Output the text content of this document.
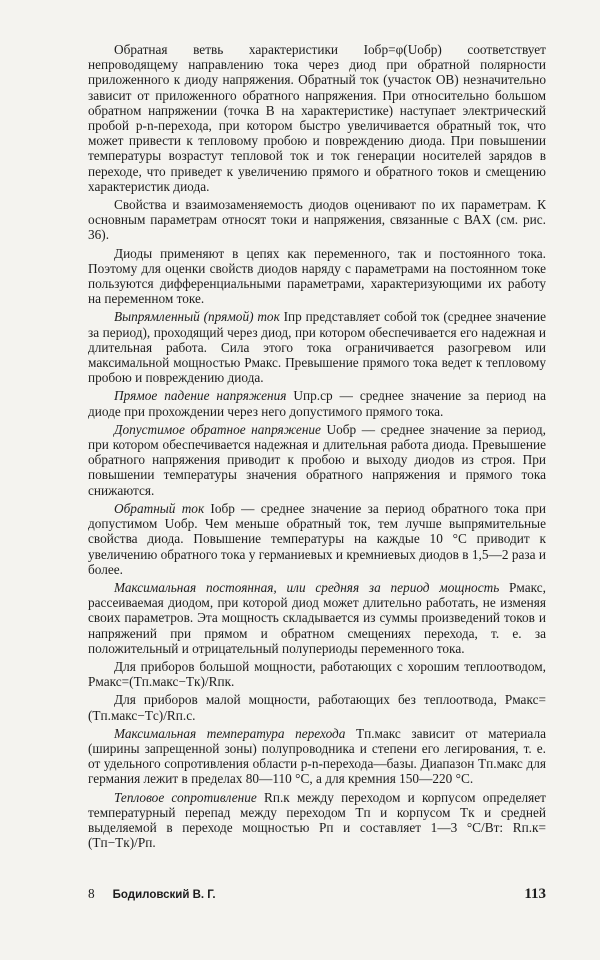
Обратная ветвь характеристики Iобр=φ(Uобр) соответствует непроводящему направлению тока через диод при обратной полярности приложенного к диоду напряжения. Обратный ток (участок OB) незначительно зависит от приложенного обратного напряжения. При относительно большом обратном напряжении (точка B на характеристике) наступает электрический пробой p-n-перехода, при котором быстро увеличивается обратный ток, что может привести к тепловому пробою и повреждению диода. При повышении температуры возрастут тепловой ток и ток генерации носителей зарядов в переходе, что приведет к увеличению прямого и обратного токов и смещению характеристик диода.

Свойства и взаимозаменяемость диодов оценивают по их параметрам. К основным параметрам относят токи и напряжения, связанные с ВАХ (см. рис. 36).

Диоды применяют в цепях как переменного, так и постоянного тока. Поэтому для оценки свойств диодов наряду с параметрами на постоянном токе пользуются дифференциальными параметрами, характеризующими их работу на переменном токе.

Выпрямленный (прямой) ток Iпр представляет собой ток (среднее значение за период), проходящий через диод, при котором обеспечивается его надежная и длительная работа. Сила этого тока ограничивается разогревом или максимальной мощностью Pмакс. Превышение прямого тока ведет к тепловому пробою и повреждению диода.

Прямое падение напряжения Uпр.ср — среднее значение за период на диоде при прохождении через него допустимого прямого тока.

Допустимое обратное напряжение Uобр — среднее значение за период, при котором обеспечивается надежная и длительная работа диода. Превышение обратного напряжения приводит к пробою и выходу диодов из строя. При повышении температуры значения обратного напряжения и прямого тока снижаются.

Обратный ток Iобр — среднее значение за период обратного тока при допустимом Uобр. Чем меньше обратный ток, тем лучше выпрямительные свойства диода. Повышение температуры на каждые 10 °С приводит к увеличению обратного тока у германиевых и кремниевых диодов в 1,5—2 раза и более.

Максимальная постоянная, или средняя за период мощность Pмакс, рассеиваемая диодом, при которой диод может длительно работать, не изменяя своих параметров. Эта мощность складывается из суммы произведений токов и напряжений при прямом и обратном смещениях перехода, т. е. за положительный и отрицательный полупериоды переменного тока.

Для приборов большой мощности, работающих с хорошим теплоотводом, Pмакс=(Tп.макс−Tк)/Rпк.

Для приборов малой мощности, работающих без теплоотвода, Pмакс=(Tп.макс−Tс)/Rп.с.

Максимальная температура перехода Tп.макс зависит от материала (ширины запрещенной зоны) полупроводника и степени его легирования, т. е. от удельного сопротивления области p-n-перехода—базы. Диапазон Tп.макс для германия лежит в пределах 80—110 °С, а для кремния 150—220 °С.

Тепловое сопротивление Rп.к между переходом и корпусом определяет температурный перепад между переходом Tп и корпусом Tк и средней выделяемой в переходе мощностью Pп и составляет 1—3 °С/Вт: Rп.к=(Tп−Tк)/Pп.

8 Бодиловский В. Г.	113
